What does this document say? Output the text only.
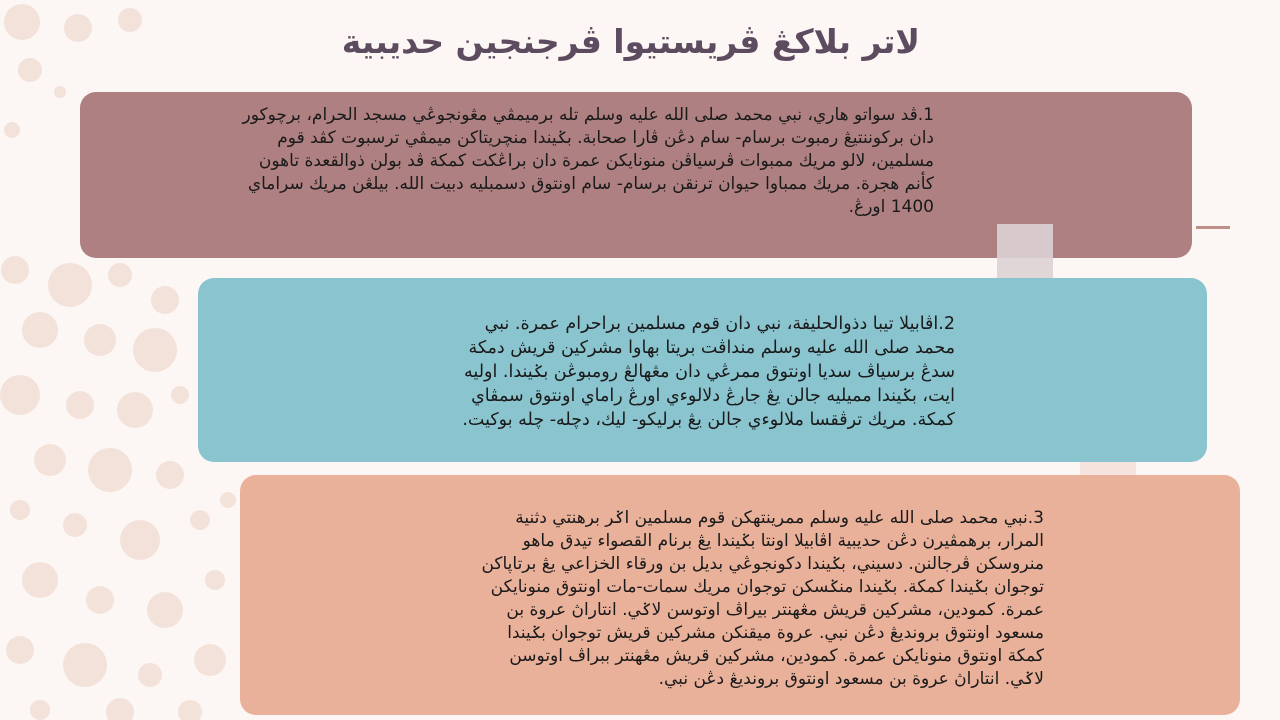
لاتر بلاكڠ ڤريستيوا ڤرجنجين حديبية
1.ڤد سواتو هاري، نبي محمد صلى الله عليه وسلم تله برميمڤي مڠونجوڠي مسجد الحرام، برچوكور دان بركوننتيڠ رمبوت برسام- سام دڠن ڤارا صحابة. بݢيندا منچريتاكن ميمڤي ترسبوت كڤد قوم مسلمين، لالو مريك ممبوات ڤرسياڤن منونايكن عمرة دان براڠكت كمكة ڤد بولن ذوالقعدة تاهون كأنم هجرة. مريك ممباوا حيوان ترنقن برسام- سام اونتوق دسمبليه دبيت الله. بيلڠن مريك سراماي 1400 اورڠ.
2.اڤابيلا تيبا دذوالحليفة، نبي دان قوم مسلمين براحرام عمرة. نبي محمد صلى الله عليه وسلم منداڤت بريتا بهاوا مشركين قريش دمكة سدڠ برسياڤ سديا اونتوق ممرڠي دان مڠهالڠ رومبوڠن بݢيندا. اوليه ايت، بݢيندا مميليه جالن يڠ جارڠ دلالوءي اورڠ راماي اونتوق سمڤاي كمكة. مريك ترڤقسا ملالوءي جالن يڠ برليكو- ليك، دچله- چله بوكيت.
3.نبي محمد صلى الله عليه وسلم ممرينتهكن قوم مسلمين اݢر برهنتي دثنية المرار، برهمڤيرن دڠن حديبية اڤابيلا اونتا بݢيندا يڠ برنام القصواء تيدق ماهو منروسكن ڤرجالنن. دسيني، بݢيندا دكونجوڠي بديل بن ورقاء الخزاعي يڠ برتاپاكن توجوان بݢيندا كمكة. بݢيندا منݢسكن توجوان مريك سمات-مات اونتوق منونايكن عمرة. كمودين، مشركين قريش مڠهنتر بيراڤ اوتوسن لاݢي. انتاراڽ عروة بن مسعود اونتوق بروندیڠ دڠن نبي. عروة ميقنكن مشركين قريش توجوان بݢيندا كمكة اونتوق منونايكن عمرة. كمودين، مشركين قريش مڠهنتر ببراڤ اوتوسن لاݢي. انتاراڽ عروة بن مسعود اونتوق بروندیڠ دڠن نبي.
